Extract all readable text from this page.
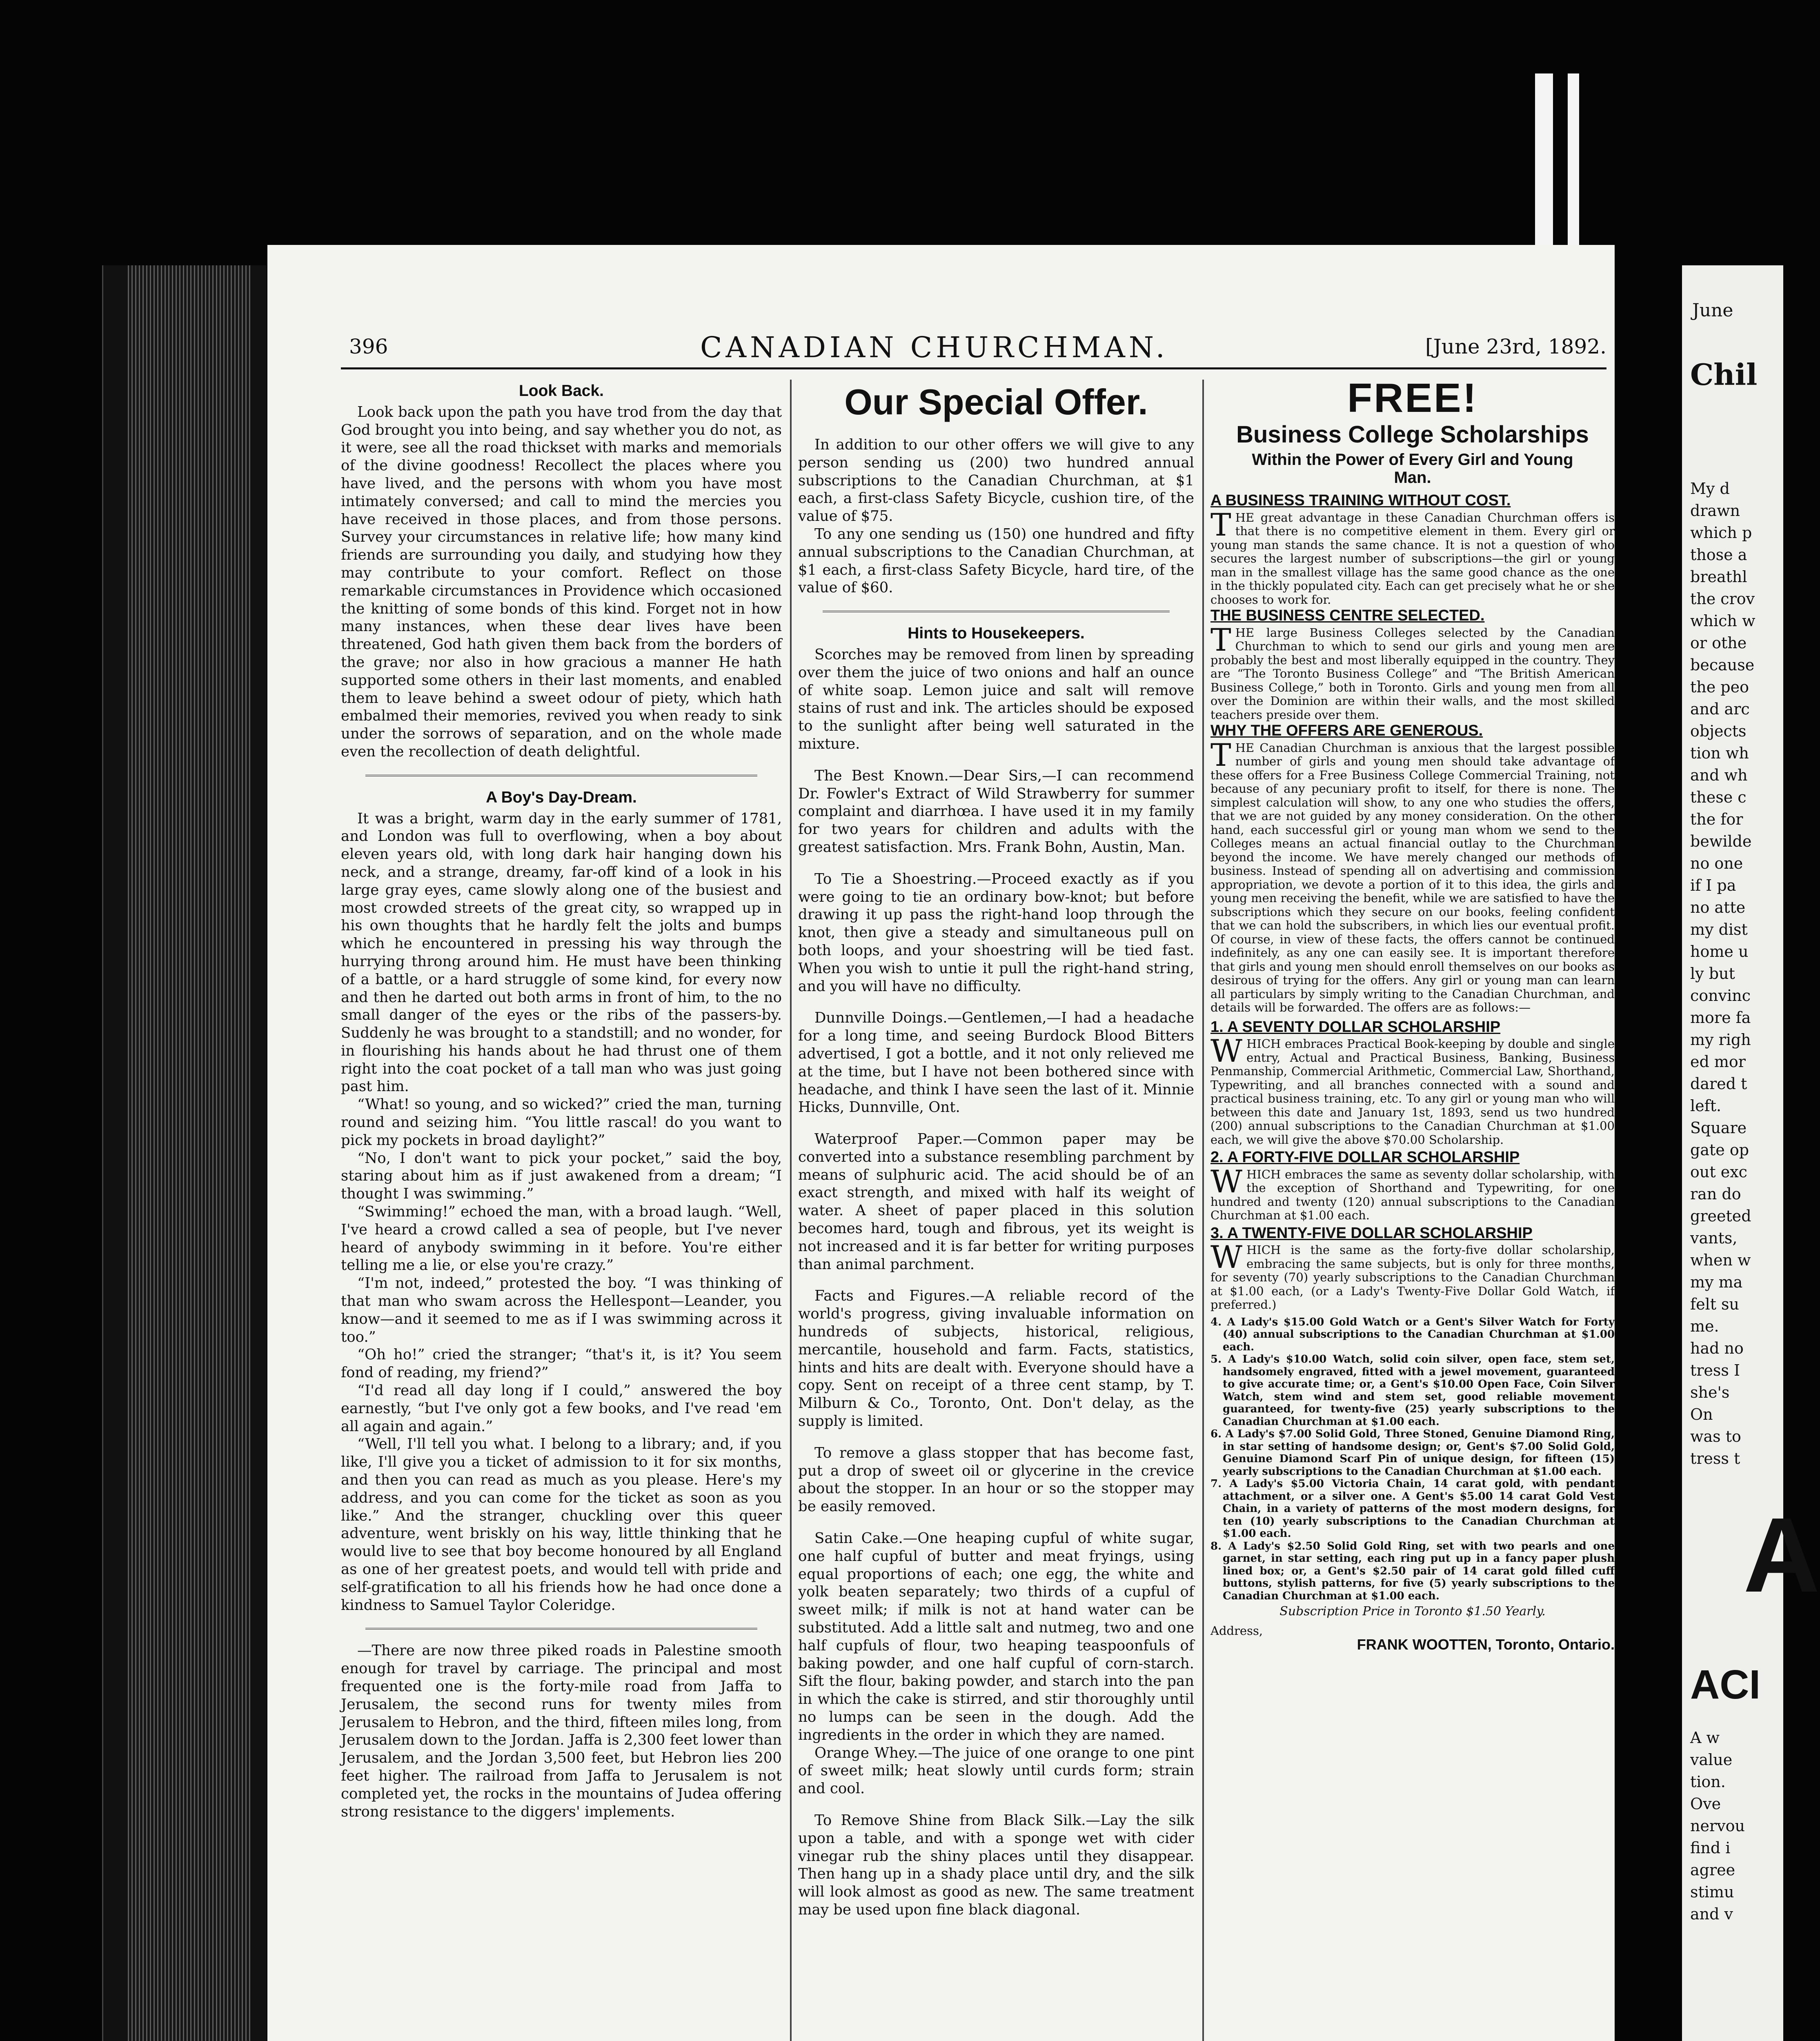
396	CANADIAN CHURCHMAN.	[June 23rd, 1892.
Look Back.

Look back upon the path you have trod from the day that God brought you into being, and say whether you do not, as it were, see all the road thickset with marks and memorials of the divine goodness! Recollect the places where you have lived, and the persons with whom you have most intimately conversed; and call to mind the mercies you have received in those places, and from those persons. Survey your circumstances in relative life; how many kind friends are surrounding you daily, and studying how they may contribute to your comfort. Reflect on those remarkable circumstances in Providence which occasioned the knitting of some bonds of this kind. Forget not in how many instances, when these dear lives have been threatened, God hath given them back from the borders of the grave; nor also in how gracious a manner He hath supported some others in their last moments, and enabled them to leave behind a sweet odour of piety, which hath embalmed their memories, revived you when ready to sink under the sorrows of separation, and on the whole made even the recollection of death delightful.

A Boy's Day-Dream.

It was a bright, warm day in the early summer of 1781, and London was full to overflowing, when a boy about eleven years old, with long dark hair hanging down his neck, and a strange, dreamy, far-off kind of a look in his large gray eyes, came slowly along one of the busiest and most crowded streets of the great city, so wrapped up in his own thoughts that he hardly felt the jolts and bumps which he encountered in pressing his way through the hurrying throng around him. He must have been thinking of a battle, or a hard struggle of some kind, for every now and then he darted out both arms in front of him, to the no small danger of the eyes or the ribs of the passers-by. Suddenly he was brought to a standstill; and no wonder, for in flourishing his hands about he had thrust one of them right into the coat pocket of a tall man who was just going past him.

“What! so young, and so wicked?” cried the man, turning round and seizing him. “You little rascal! do you want to pick my pockets in broad daylight?”

“No, I don't want to pick your pocket,” said the boy, staring about him as if just awakened from a dream; “I thought I was swimming.”

“Swimming!” echoed the man, with a broad laugh. “Well, I've heard a crowd called a sea of people, but I've never heard of anybody swimming in it before. You're either telling me a lie, or else you're crazy.”

“I'm not, indeed,” protested the boy. “I was thinking of that man who swam across the Hellespont—Leander, you know—and it seemed to me as if I was swimming across it too.”

“Oh ho!” cried the stranger; “that's it, is it? You seem fond of reading, my friend?”

“I'd read all day long if I could,” answered the boy earnestly, “but I've only got a few books, and I've read 'em all again and again.”

“Well, I'll tell you what. I belong to a library; and, if you like, I'll give you a ticket of admission to it for six months, and then you can read as much as you please. Here's my address, and you can come for the ticket as soon as you like.” And the stranger, chuckling over this queer adventure, went briskly on his way, little thinking that he would live to see that boy become honoured by all England as one of her greatest poets, and would tell with pride and self-gratification to all his friends how he had once done a kindness to Samuel Taylor Coleridge.

—There are now three piked roads in Palestine smooth enough for travel by carriage. The principal and most frequented one is the forty-mile road from Jaffa to Jerusalem, the second runs for twenty miles from Jerusalem to Hebron, and the third, fifteen miles long, from Jerusalem down to the Jordan. Jaffa is 2,300 feet lower than Jerusalem, and the Jordan 3,500 feet, but Hebron lies 200 feet higher. The railroad from Jaffa to Jerusalem is not completed yet, the rocks in the mountains of Judea offering strong resistance to the diggers' implements.

Our Special Offer.

In addition to our other offers we will give to any person sending us (200) two hundred annual subscriptions to the Canadian Churchman, at $1 each, a first-class Safety Bicycle, cushion tire, of the value of $75.

To any one sending us (150) one hundred and fifty annual subscriptions to the Canadian Churchman, at $1 each, a first-class Safety Bicycle, hard tire, of the value of $60.

Hints to Housekeepers.

Scorches may be removed from linen by spreading over them the juice of two onions and half an ounce of white soap. Lemon juice and salt will remove stains of rust and ink. The articles should be exposed to the sunlight after being well saturated in the mixture.

The Best Known.—Dear Sirs,—I can recommend Dr. Fowler's Extract of Wild Strawberry for summer complaint and diarrhœa. I have used it in my family for two years for children and adults with the greatest satisfaction. Mrs. Frank Bohn, Austin, Man.

To Tie a Shoestring.—Proceed exactly as if you were going to tie an ordinary bow-knot; but before drawing it up pass the right-hand loop through the knot, then give a steady and simultaneous pull on both loops, and your shoestring will be tied fast. When you wish to untie it pull the right-hand string, and you will have no difficulty.

Dunnville Doings.—Gentlemen,—I had a headache for a long time, and seeing Burdock Blood Bitters advertised, I got a bottle, and it not only relieved me at the time, but I have not been bothered since with headache, and think I have seen the last of it. Minnie Hicks, Dunnville, Ont.

Waterproof Paper.—Common paper may be converted into a substance resembling parchment by means of sulphuric acid. The acid should be of an exact strength, and mixed with half its weight of water. A sheet of paper placed in this solution becomes hard, tough and fibrous, yet its weight is not increased and it is far better for writing purposes than animal parchment.

Facts and Figures.—A reliable record of the world's progress, giving invaluable information on hundreds of subjects, historical, religious, mercantile, household and farm. Facts, statistics, hints and hits are dealt with. Everyone should have a copy. Sent on receipt of a three cent stamp, by T. Milburn & Co., Toronto, Ont. Don't delay, as the supply is limited.

To remove a glass stopper that has become fast, put a drop of sweet oil or glycerine in the crevice about the stopper. In an hour or so the stopper may be easily removed.

Satin Cake.—One heaping cupful of white sugar, one half cupful of butter and meat fryings, using equal proportions of each; one egg, the white and yolk beaten separately; two thirds of a cupful of sweet milk; if milk is not at hand water can be substituted. Add a little salt and nutmeg, two and one half cupfuls of flour, two heaping teaspoonfuls of baking powder, and one half cupful of corn-starch. Sift the flour, baking powder, and starch into the pan in which the cake is stirred, and stir thoroughly until no lumps can be seen in the dough. Add the ingredients in the order in which they are named.

Orange Whey.—The juice of one orange to one pint of sweet milk; heat slowly until curds form; strain and cool.

To Remove Shine from Black Silk.—Lay the silk upon a table, and with a sponge wet with cider vinegar rub the shiny places until they disappear. Then hang up in a shady place until dry, and the silk will look almost as good as new. The same treatment may be used upon fine black diagonal.

FREE!
Business College Scholarships
Within the Power of Every Girl and Young Man.
A BUSINESS TRAINING WITHOUT COST.

THE great advantage in these Canadian Churchman offers is that there is no competitive element in them. Every girl or young man stands the same chance. It is not a question of who secures the largest number of subscriptions—the girl or young man in the smallest village has the same good chance as the one in the thickly populated city. Each can get precisely what he or she chooses to work for.

THE BUSINESS CENTRE SELECTED.

THE large Business Colleges selected by the Canadian Churchman to which to send our girls and young men are probably the best and most liberally equipped in the country. They are “The Toronto Business College” and “The British American Business College,” both in Toronto. Girls and young men from all over the Dominion are within their walls, and the most skilled teachers preside over them.

WHY THE OFFERS ARE GENEROUS.

THE Canadian Churchman is anxious that the largest possible number of girls and young men should take advantage of these offers for a Free Business College Commercial Training, not because of any pecuniary profit to itself, for there is none. The simplest calculation will show, to any one who studies the offers, that we are not guided by any money consideration. On the other hand, each successful girl or young man whom we send to the Colleges means an actual financial outlay to the Churchman beyond the income. We have merely changed our methods of business. Instead of spending all on advertising and commission appropriation, we devote a portion of it to this idea, the girls and young men receiving the benefit, while we are satisfied to have the subscriptions which they secure on our books, feeling confident that we can hold the subscribers, in which lies our eventual profit. Of course, in view of these facts, the offers cannot be continued indefinitely, as any one can easily see. It is important therefore that girls and young men should enroll themselves on our books as desirous of trying for the offers. Any girl or young man can learn all particulars by simply writing to the Canadian Churchman, and details will be forwarded. The offers are as follows:—

1. A SEVENTY DOLLAR SCHOLARSHIP

WHICH embraces Practical Book-keeping by double and single entry, Actual and Practical Business, Banking, Business Penmanship, Commercial Arithmetic, Commercial Law, Shorthand, Typewriting, and all branches connected with a sound and practical business training, etc. To any girl or young man who will between this date and January 1st, 1893, send us two hundred (200) annual subscriptions to the Canadian Churchman at $1.00 each, we will give the above $70.00 Scholarship.

2. A FORTY-FIVE DOLLAR SCHOLARSHIP

WHICH embraces the same as seventy dollar scholarship, with the exception of Shorthand and Typewriting, for one hundred and twenty (120) annual subscriptions to the Canadian Churchman at $1.00 each.

3. A TWENTY-FIVE DOLLAR SCHOLARSHIP

WHICH is the same as the forty-five dollar scholarship, embracing the same subjects, but is only for three months, for seventy (70) yearly subscriptions to the Canadian Churchman at $1.00 each, (or a Lady's Twenty-Five Dollar Gold Watch, if preferred.)

4. A Lady's $15.00 Gold Watch or a Gent's Silver Watch for Forty (40) annual subscriptions to the Canadian Churchman at $1.00 each.

5. A Lady's $10.00 Watch, solid coin silver, open face, stem set, handsomely engraved, fitted with a jewel movement, guaranteed to give accurate time; or, a Gent's $10.00 Open Face, Coin Silver Watch, stem wind and stem set, good reliable movement guaranteed, for twenty-five (25) yearly subscriptions to the Canadian Churchman at $1.00 each.

6. A Lady's $7.00 Solid Gold, Three Stoned, Genuine Diamond Ring, in star setting of handsome design; or, Gent's $7.00 Solid Gold, Genuine Diamond Scarf Pin of unique design, for fifteen (15) yearly subscriptions to the Canadian Churchman at $1.00 each.

7. A Lady's $5.00 Victoria Chain, 14 carat gold, with pendant attachment, or a silver one. A Gent's $5.00 14 carat Gold Vest Chain, in a variety of patterns of the most modern designs, for ten (10) yearly subscriptions to the Canadian Churchman at $1.00 each.

8. A Lady's $2.50 Solid Gold Ring, set with two pearls and one garnet, in star setting, each ring put up in a fancy paper plush lined box; or, a Gent's $2.50 pair of 14 carat gold filled cuff buttons, stylish patterns, for five (5) yearly subscriptions to the Canadian Churchman at $1.00 each.

Subscription Price in Toronto $1.50 Yearly.
Address,
FRANK WOOTTEN, Toronto, Ontario.
June
Chil
My d
drawn
which p
those a
breathl
the crov
which w
or othe
because
the peo
and arc
objects
tion wh
and wh
these c
the for
bewilde
no one
if I pa
no atte
my dist
home u
ly but
convinc
more fa
my righ
ed mor
dared t
left.
Square
gate op
out exc
ran do
greeted
vants,
when w
my ma
felt su
me.
had no
tress I
she's
On
was to
tress t
A
ACI
A w
value
tion.
Ove
nervou
find i
agree
stimu
and v
